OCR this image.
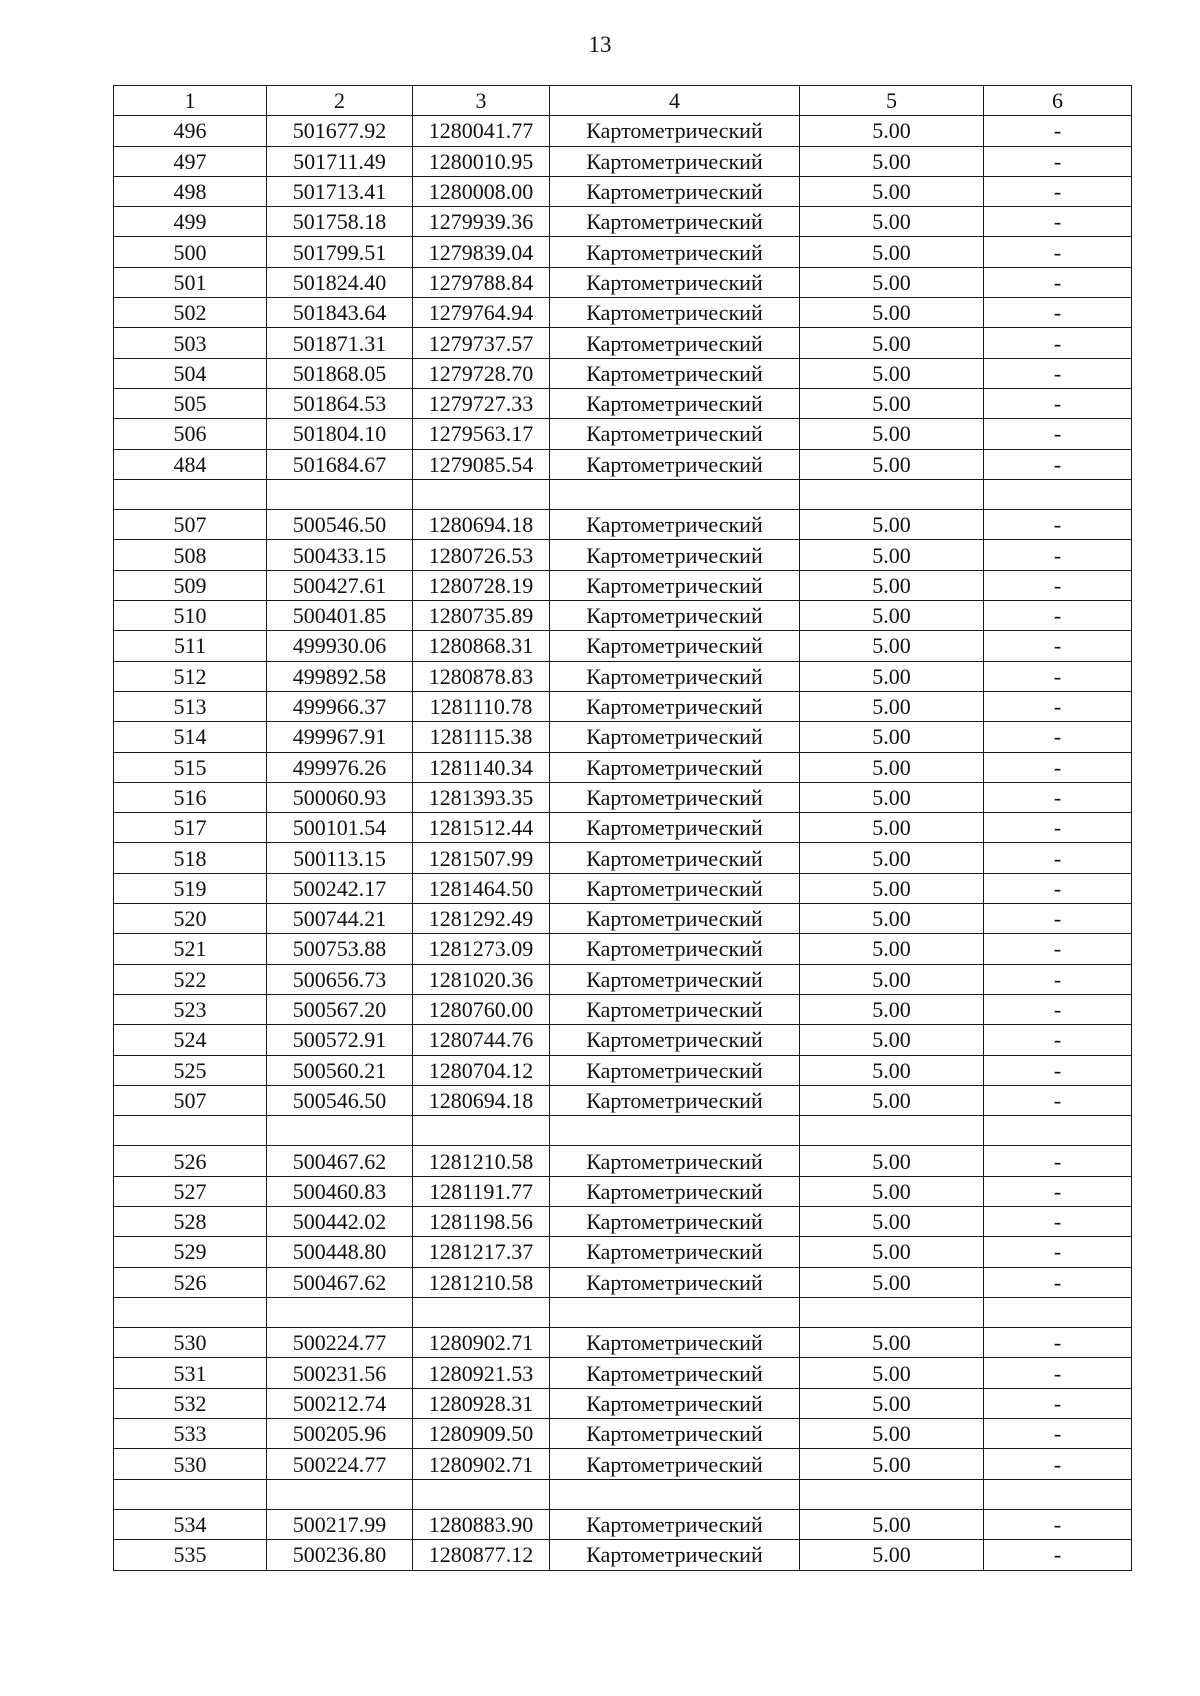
13
1	2	3	4	5	6
496	501677.92	1280041.77	Картометрический	5.00	-
497	501711.49	1280010.95	Картометрический	5.00	-
498	501713.41	1280008.00	Картометрический	5.00	-
499	501758.18	1279939.36	Картометрический	5.00	-
500	501799.51	1279839.04	Картометрический	5.00	-
501	501824.40	1279788.84	Картометрический	5.00	-
502	501843.64	1279764.94	Картометрический	5.00	-
503	501871.31	1279737.57	Картометрический	5.00	-
504	501868.05	1279728.70	Картометрический	5.00	-
505	501864.53	1279727.33	Картометрический	5.00	-
506	501804.10	1279563.17	Картометрический	5.00	-
484	501684.67	1279085.54	Картометрический	5.00	-

507	500546.50	1280694.18	Картометрический	5.00	-
508	500433.15	1280726.53	Картометрический	5.00	-
509	500427.61	1280728.19	Картометрический	5.00	-
510	500401.85	1280735.89	Картометрический	5.00	-
511	499930.06	1280868.31	Картометрический	5.00	-
512	499892.58	1280878.83	Картометрический	5.00	-
513	499966.37	1281110.78	Картометрический	5.00	-
514	499967.91	1281115.38	Картометрический	5.00	-
515	499976.26	1281140.34	Картометрический	5.00	-
516	500060.93	1281393.35	Картометрический	5.00	-
517	500101.54	1281512.44	Картометрический	5.00	-
518	500113.15	1281507.99	Картометрический	5.00	-
519	500242.17	1281464.50	Картометрический	5.00	-
520	500744.21	1281292.49	Картометрический	5.00	-
521	500753.88	1281273.09	Картометрический	5.00	-
522	500656.73	1281020.36	Картометрический	5.00	-
523	500567.20	1280760.00	Картометрический	5.00	-
524	500572.91	1280744.76	Картометрический	5.00	-
525	500560.21	1280704.12	Картометрический	5.00	-
507	500546.50	1280694.18	Картометрический	5.00	-

526	500467.62	1281210.58	Картометрический	5.00	-
527	500460.83	1281191.77	Картометрический	5.00	-
528	500442.02	1281198.56	Картометрический	5.00	-
529	500448.80	1281217.37	Картометрический	5.00	-
526	500467.62	1281210.58	Картометрический	5.00	-

530	500224.77	1280902.71	Картометрический	5.00	-
531	500231.56	1280921.53	Картометрический	5.00	-
532	500212.74	1280928.31	Картометрический	5.00	-
533	500205.96	1280909.50	Картометрический	5.00	-
530	500224.77	1280902.71	Картометрический	5.00	-

534	500217.99	1280883.90	Картометрический	5.00	-
535	500236.80	1280877.12	Картометрический	5.00	-
